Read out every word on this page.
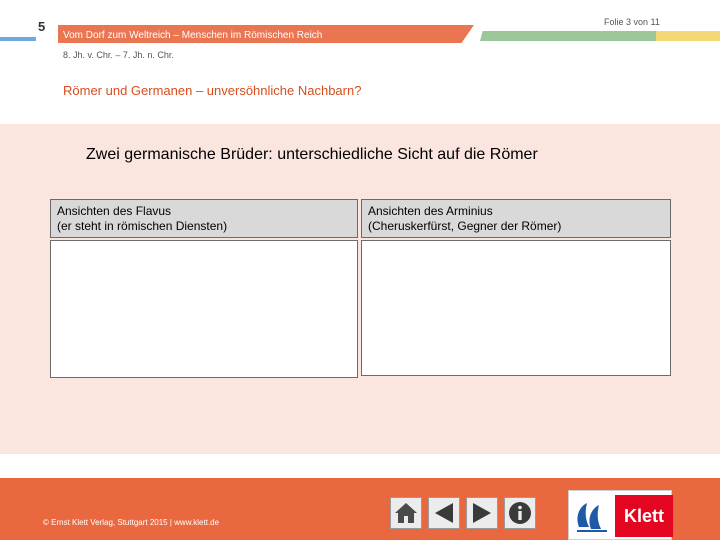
5
Vom Dorf zum Weltreich – Menschen im Römischen Reich
Folie 3 von 11
8. Jh. v. Chr. – 7. Jh. n. Chr.
Römer und Germanen – unversöhnliche Nachbarn?
Zwei germanische Brüder: unterschiedliche Sicht auf die Römer
Ansichten des Flavus
(er steht in römischen Diensten)
Ansichten des Arminius
(Cheruskerfürst, Gegner der Römer)
© Ernst Klett Verlag, Stuttgart 2015 | www.klett.de	Klett
